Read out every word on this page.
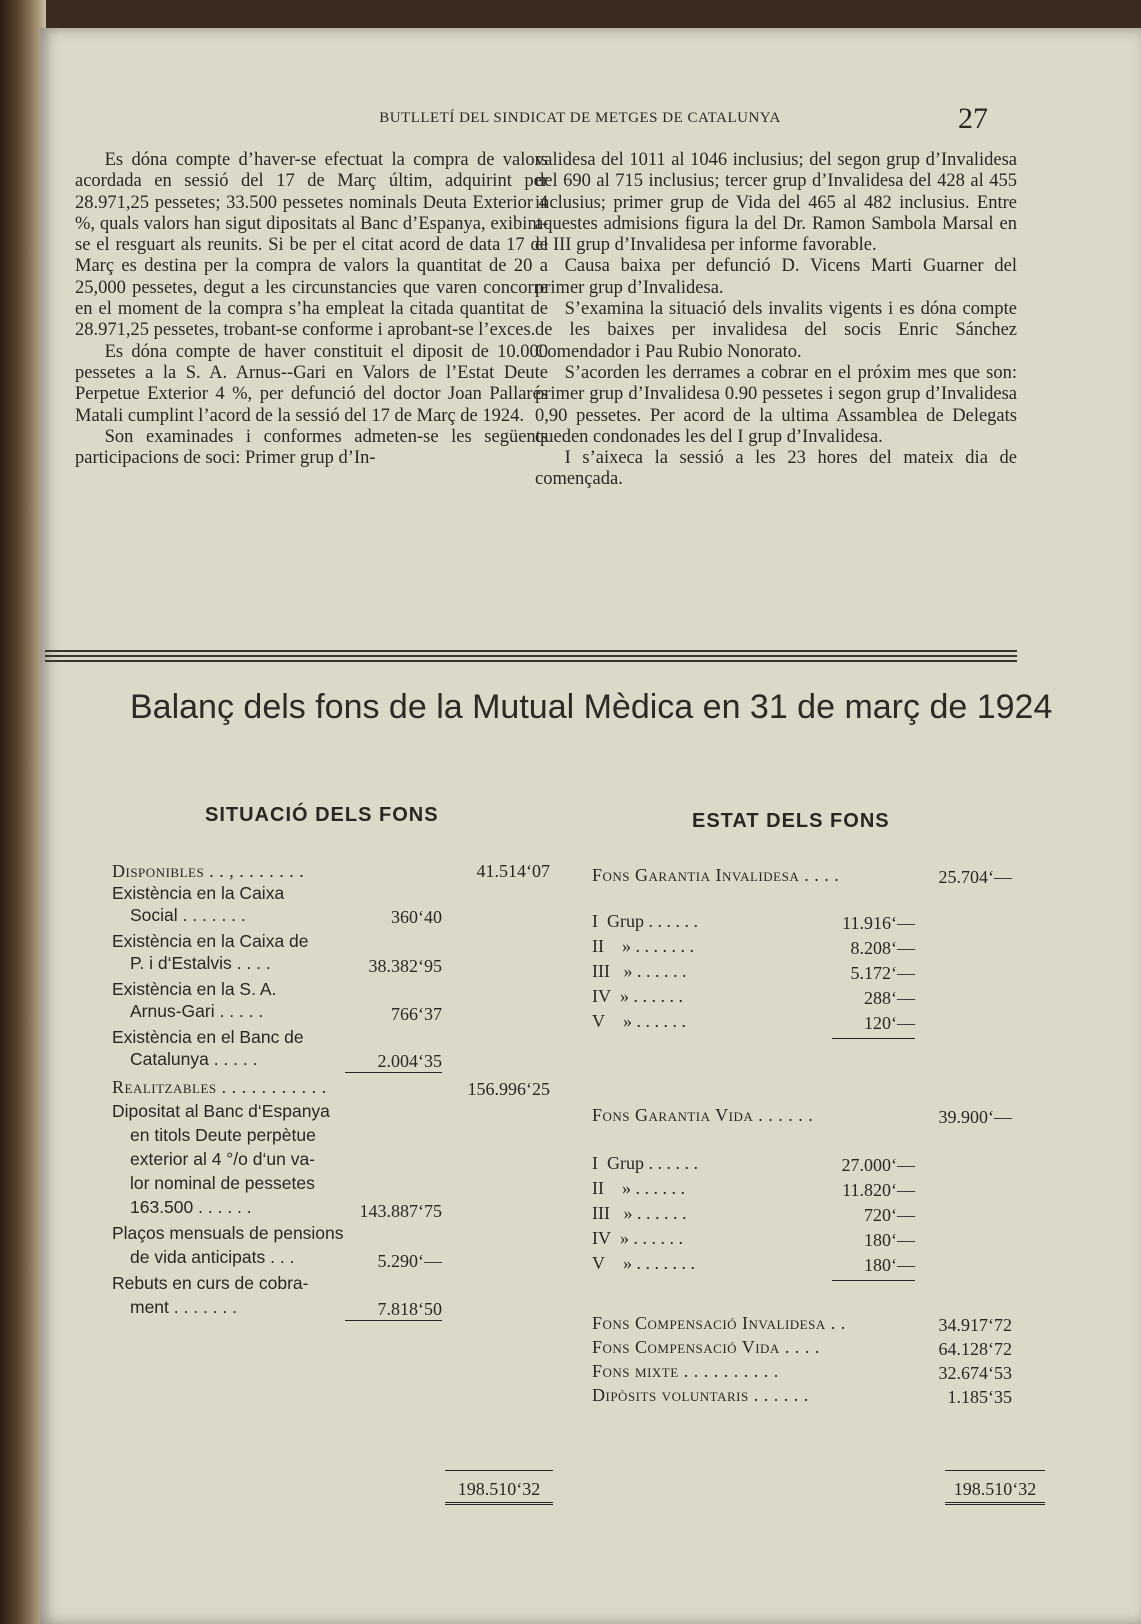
BUTLLETÍ DEL SINDICAT DE METGES DE CATALUNYA	27

Es dóna compte d’haver-se efectuat la compra de valors acordada en sessió del 17 de Març últim, adquirint per 28.971,25 pessetes; 33.500 pessetes nominals Deuta Exterior 4 %, quals valors han sigut dipositats al Banc d’Espanya, exibint-se el resguart als reunits. Si be per el citat acord de data 17 de Març es destina per la compra de valors la quantitat de 20 a 25,000 pessetes, degut a les circunstancies que varen concorre en el moment de la compra s’ha empleat la citada quantitat de 28.971,25 pessetes, trobant-se conforme i aprobant-se l’exces.

Es dóna compte de haver constituit el diposit de 10.000 pessetes a la S. A. Arnus--Gari en Valors de l’Estat Deute Perpetue Exterior 4 %, per defunció del doctor Joan Pallarés Matali cumplint l’acord de la sessió del 17 de Març de 1924.

Son examinades i conformes admeten-se les següents participacions de soci: Primer grup d’In-

validesa del 1011 al 1046 inclusius; del segon grup d’Invalidesa del 690 al 715 inclusius; tercer grup d’Invalidesa del 428 al 455 inclusius; primer grup de Vida del 465 al 482 inclusius. Entre aquestes admisions figura la del Dr. Ramon Sambola Marsal en el III grup d’Invalidesa per informe favorable.

Causa baixa per defunció D. Vicens Marti Guarner del primer grup d’Invalidesa.

S’examina la situació dels invalits vigents i es dóna compte de les baixes per invalidesa del socis Enric Sánchez Comendador i Pau Rubio Nonorato.

S’acorden les derrames a cobrar en el próxim mes que son: primer grup d’Invalidesa 0.90 pessetes i segon grup d’Invalidesa 0,90 pessetes. Per acord de la ultima Assamblea de Delegats queden condonades les del I grup d’Invalidesa.

I s’aixeca la sessió a les 23 hores del mateix dia de començada.

Balanç dels fons de la Mutual Mèdica en 31 de març de 1924
SITUACIÓ DELS FONS	ESTAT DELS FONS
Disponibles . . , . . . . . . .	41.514‘07
Existència en la Caixa
Social . . . . . . .	360‘40
Existència en la Caixa de
P. i d‘Estalvis . . . .	38.382‘95
Existència en la S. A.
Arnus-Gari . . . . .	766‘37
Existència en el Banc de
Catalunya . . . . .	2.004‘35
Realitzables . . . . . . . . . . .	156.996‘25
Dipositat al Banc d‘Espanya
en titols Deute perpètue
exterior al 4 °/o d‘un va-
lor nominal de pessetes
163.500 . . . . . .	143.887‘75
Plaços mensuals de pensions
de vida anticipats . . .	5.290‘—
Rebuts en curs de cobra-
ment . . . . . . .	7.818‘50
198.510‘32
Fons Garantia Invalidesa . . . .	25.704‘—
I Grup . . . . . .	11.916‘—
II » . . . . . . .	8.208‘—
III » . . . . . .	5.172‘—
IV » . . . . . .	288‘—
V » . . . . . .	120‘—
Fons Garantia Vida . . . . . .	39.900‘—
I Grup . . . . . .	27.000‘—
II » . . . . . .	11.820‘—
III » . . . . . .	720‘—
IV » . . . . . .	180‘—
V » . . . . . . .	180‘—
Fons Compensació Invalidesa . .	34.917‘72
Fons Compensació Vida . . . .	64.128‘72
Fons mixte . . . . . . . . . .	32.674‘53
Dipòsits voluntaris . . . . . .	1.185‘35
198.510‘32
